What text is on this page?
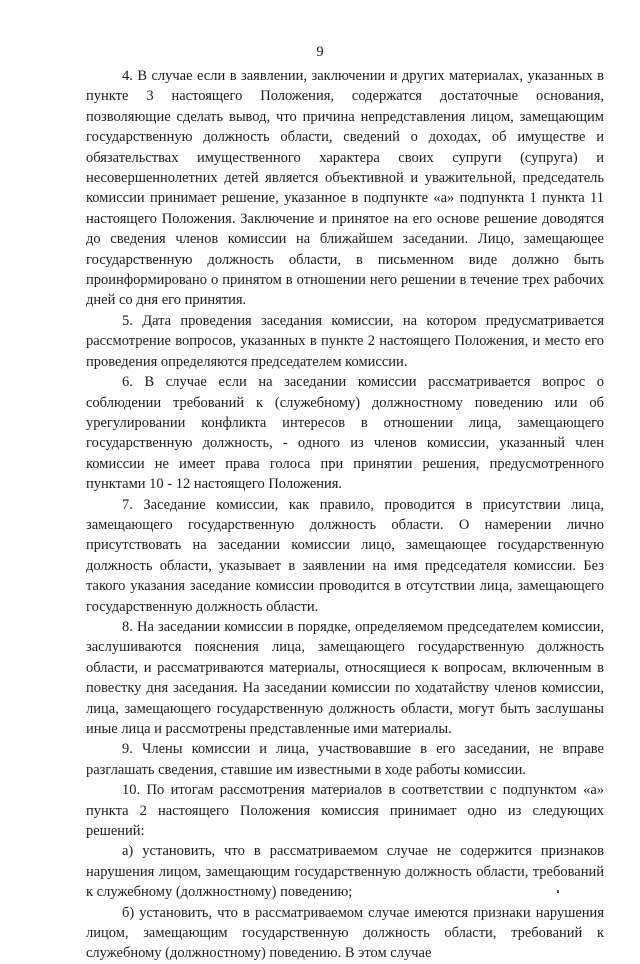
9

4. В случае если в заявлении, заключении и других материалах, указанных в пункте 3 настоящего Положения, содержатся достаточные основания, позволяющие сделать вывод, что причина непредставления лицом, замещающим государственную должность области, сведений о доходах, об имуществе и обязательствах имущественного характера своих супруги (супруга) и несовершеннолетних детей является объективной и уважительной, председатель комиссии принимает решение, указанное в подпункте «а» подпункта 1 пункта 11 настоящего Положения. Заключение и принятое на его основе решение доводятся до сведения членов комиссии на ближайшем заседании. Лицо, замещающее государственную должность области, в письменном виде должно быть проинформировано о принятом в отношении него решении в течение трех рабочих дней со дня его принятия.

5. Дата проведения заседания комиссии, на котором предусматривается рассмотрение вопросов, указанных в пункте 2 настоящего Положения, и место его проведения определяются председателем комиссии.

6. В случае если на заседании комиссии рассматривается вопрос о соблюдении требований к (служебному) должностному поведению или об урегулировании конфликта интересов в отношении лица, замещающего государственную должность, - одного из членов комиссии, указанный член комиссии не имеет права голоса при принятии решения, предусмотренного пунктами 10 - 12 настоящего Положения.

7. Заседание комиссии, как правило, проводится в присутствии лица, замещающего государственную должность области. О намерении лично присутствовать на заседании комиссии лицо, замещающее государственную должность области, указывает в заявлении на имя председателя комиссии. Без такого указания заседание комиссии проводится в отсутствии лица, замещающего государственную должность области.

8. На заседании комиссии в порядке, определяемом председателем комиссии, заслушиваются пояснения лица, замещающего государственную должность области, и рассматриваются материалы, относящиеся к вопросам, включенным в повестку дня заседания. На заседании комиссии по ходатайству членов комиссии, лица, замещающего государственную должность области, могут быть заслушаны иные лица и рассмотрены представленные ими материалы.

9. Члены комиссии и лица, участвовавшие в его заседании, не вправе разглашать сведения, ставшие им известными в ходе работы комиссии.

10. По итогам рассмотрения материалов в соответствии с подпунктом «а» пункта 2 настоящего Положения комиссия принимает одно из следующих решений:

а) установить, что в рассматриваемом случае не содержится признаков нарушения лицом, замещающим государственную должность области, требований к служебному (должностному) поведению;

б) установить, что в рассматриваемом случае имеются признаки нарушения лицом, замещающим государственную должность области, требований к служебному (должностному) поведению. В этом случае
